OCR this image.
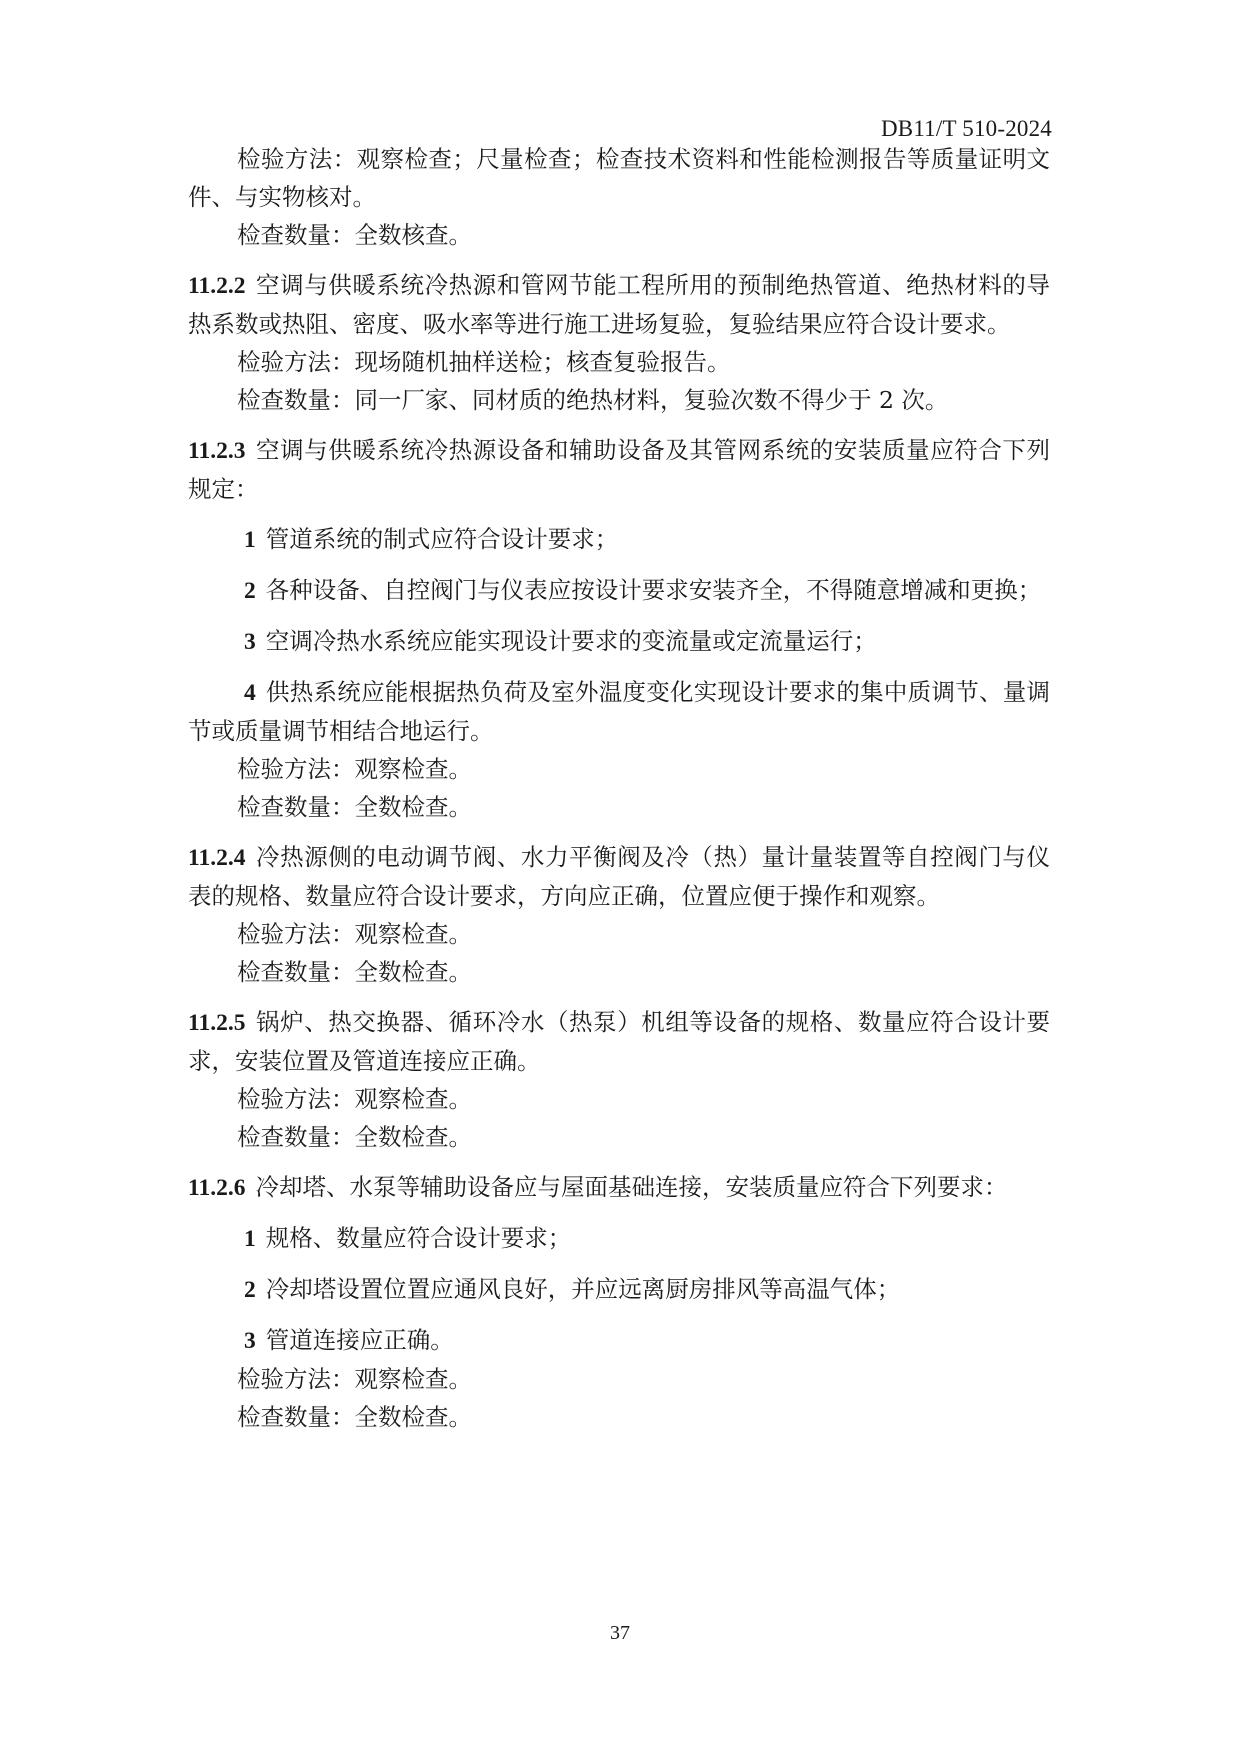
DB11/T 510-2024

检验方法：观察检查；尺量检查；检查技术资料和性能检测报告等质量证明文件、与实物核对。

检查数量：全数核查。

11.2.2 空调与供暖系统冷热源和管网节能工程所用的预制绝热管道、绝热材料的导热系数或热阻、密度、吸水率等进行施工进场复验，复验结果应符合设计要求。

检验方法：现场随机抽样送检；核查复验报告。

检查数量：同一厂家、同材质的绝热材料，复验次数不得少于 2 次。

11.2.3 空调与供暖系统冷热源设备和辅助设备及其管网系统的安装质量应符合下列规定：

1 管道系统的制式应符合设计要求；

2 各种设备、自控阀门与仪表应按设计要求安装齐全，不得随意增减和更换；

3 空调冷热水系统应能实现设计要求的变流量或定流量运行；

4 供热系统应能根据热负荷及室外温度变化实现设计要求的集中质调节、量调节或质量调节相结合地运行。

检验方法：观察检查。

检查数量：全数检查。

11.2.4 冷热源侧的电动调节阀、水力平衡阀及冷（热）量计量装置等自控阀门与仪表的规格、数量应符合设计要求，方向应正确，位置应便于操作和观察。

检验方法：观察检查。

检查数量：全数检查。

11.2.5 锅炉、热交换器、循环冷水（热泵）机组等设备的规格、数量应符合设计要求，安装位置及管道连接应正确。

检验方法：观察检查。

检查数量：全数检查。

11.2.6 冷却塔、水泵等辅助设备应与屋面基础连接，安装质量应符合下列要求：

1 规格、数量应符合设计要求；

2 冷却塔设置位置应通风良好，并应远离厨房排风等高温气体；

3 管道连接应正确。

检验方法：观察检查。

检查数量：全数检查。

37
